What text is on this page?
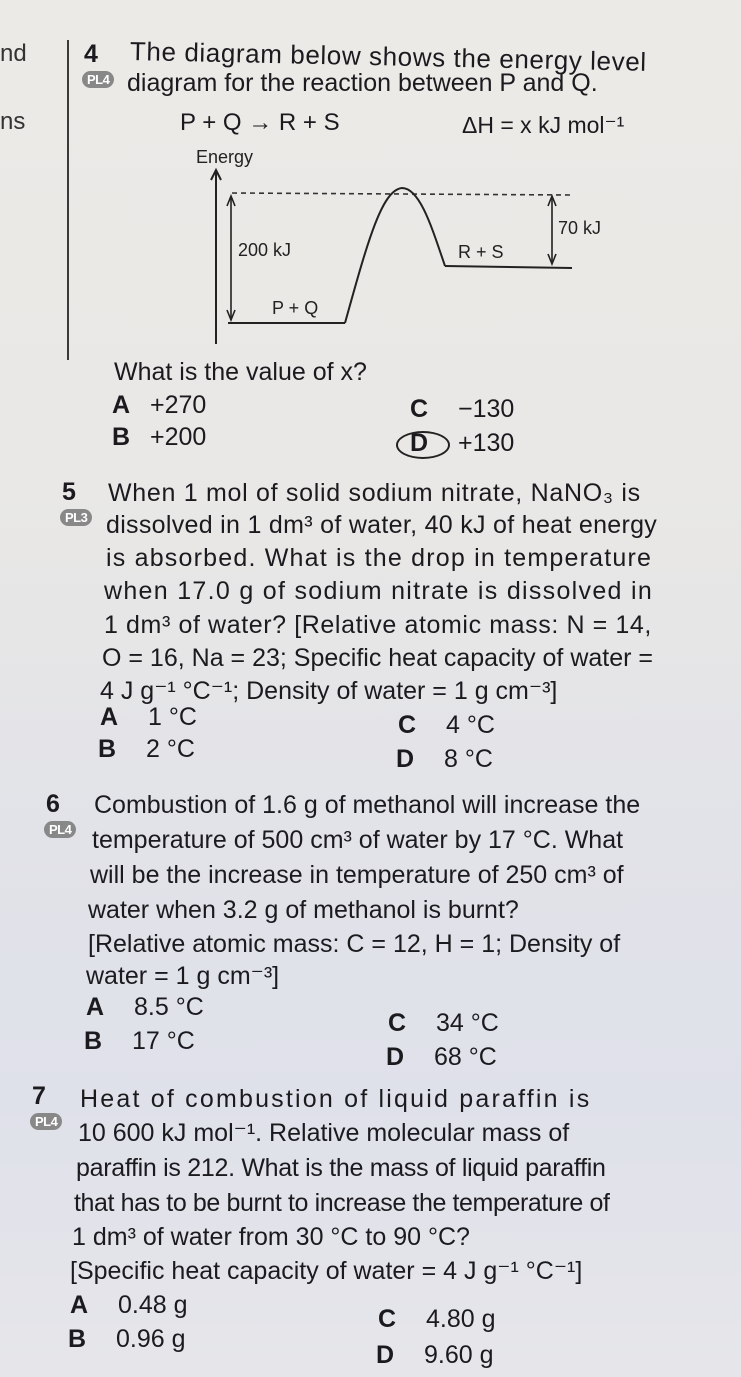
nd
ns
4
PL4
The diagram below shows the energy level
diagram for the reaction between P and Q.
P + Q → R + S	ΔH = x kJ mol⁻¹
Energy
200 kJ
P + Q
R + S
70 kJ
What is the value of x?
A +270
B +200
C −130
D +130
5
PL3
When 1 mol of solid sodium nitrate, NaNO₃ is
dissolved in 1 dm³ of water, 40 kJ of heat energy
is absorbed. What is the drop in temperature
when 17.0 g of sodium nitrate is dissolved in
1 dm³ of water? [Relative atomic mass: N = 14,
O = 16, Na = 23; Specific heat capacity of water =
4 J g⁻¹ °C⁻¹; Density of water = 1 g cm⁻³]
A 1 °C
B 2 °C
C 4 °C
D 8 °C
6
PL4
Combustion of 1.6 g of methanol will increase the
temperature of 500 cm³ of water by 17 °C. What
will be the increase in temperature of 250 cm³ of
water when 3.2 g of methanol is burnt?
[Relative atomic mass: C = 12, H = 1; Density of
water = 1 g cm⁻³]
A 8.5 °C
B 17 °C
C 34 °C
D 68 °C
7
PL4
Heat of combustion of liquid paraffin is
10 600 kJ mol⁻¹. Relative molecular mass of
paraffin is 212. What is the mass of liquid paraffin
that has to be burnt to increase the temperature of
1 dm³ of water from 30 °C to 90 °C?
[Specific heat capacity of water = 4 J g⁻¹ °C⁻¹]
A 0.48 g
B 0.96 g
C 4.80 g
D 9.60 g
